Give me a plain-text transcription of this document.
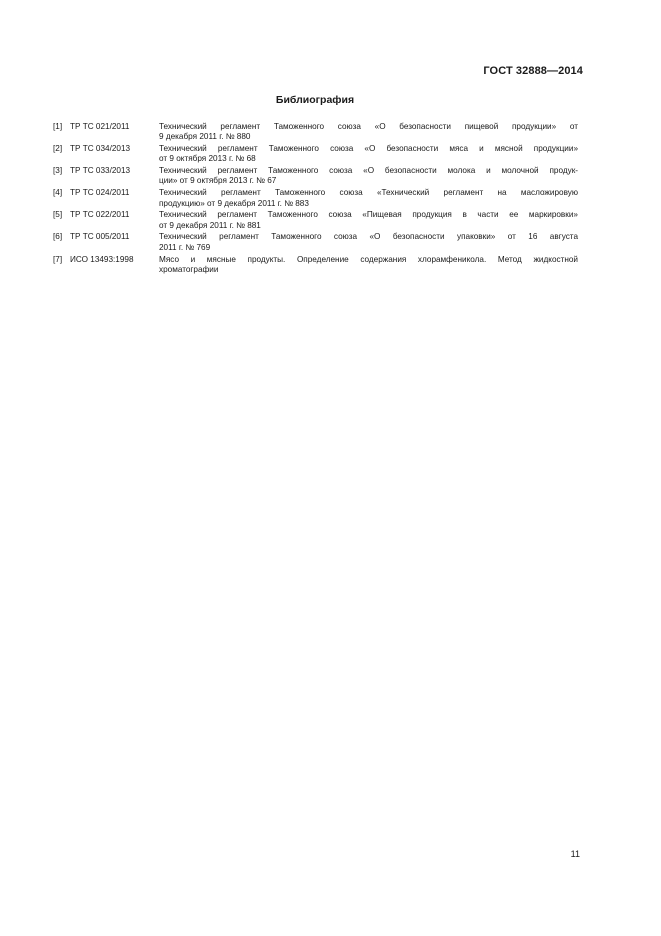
ГОСТ 32888—2014
Библиография
[1] ТР ТС 021/2011	Технический регламент Таможенного союза «О безопасности пищевой продукции» от
9 декабря 2011 г. № 880
[2] ТР ТС 034/2013	Технический регламент Таможенного союза «О безопасности мяса и мясной продукции»
от 9 октября 2013 г. № 68
[3] ТР ТС 033/2013	Технический регламент Таможенного союза «О безопасности молока и молочной продук-
ции» от 9 октября 2013 г. № 67
[4] ТР ТС 024/2011	Технический регламент Таможенного союза «Технический регламент на масложировую
продукцию» от 9 декабря 2011 г. № 883
[5] ТР ТС 022/2011	Технический регламент Таможенного союза «Пищевая продукция в части ее маркировки»
от 9 декабря 2011 г. № 881
[6] ТР ТС 005/2011	Технический регламент Таможенного союза «О безопасности упаковки» от 16 августа
2011 г. № 769
[7] ИСО 13493:1998	Мясо и мясные продукты. Определение содержания хлорамфеникола. Метод жидкостной
хроматографии
11
